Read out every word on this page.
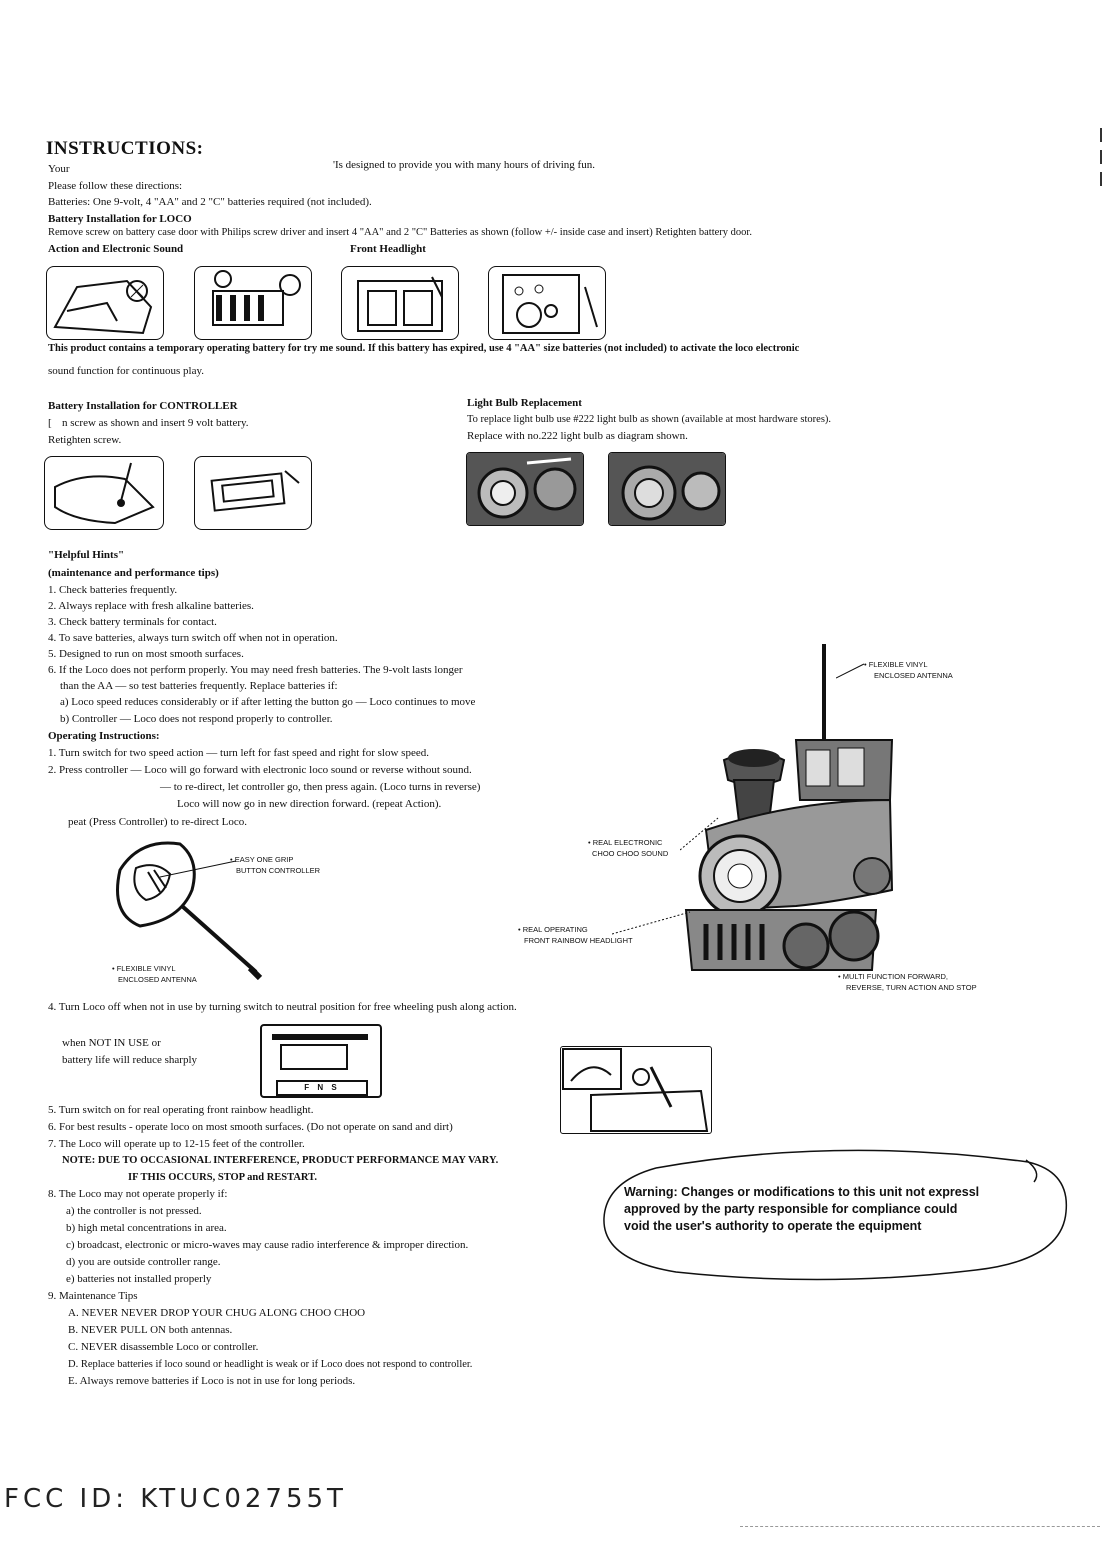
INSTRUCTIONS:
Your	'Is designed to provide you with many hours of driving fun.
Please follow these directions:
Batteries: One 9-volt, 4 "AA" and 2 "C" batteries required (not included).
Battery Installation for LOCO
Remove screw on battery case door with Philips screw driver and insert 4 "AA" and 2 "C" Batteries as shown (follow +/- inside case and insert) Retighten battery door.
Action and Electronic Sound	Front Headlight
This product contains a temporary operating battery for try me sound. If this battery has expired, use 4 "AA" size batteries (not included) to activate the loco electronic
sound function for continuous play.
Battery Installation for CONTROLLER
[ n screw as shown and insert 9 volt battery.
Retighten screw.
Light Bulb Replacement
To replace light bulb use #222 light bulb as shown (available at most hardware stores).
Replace with no.222 light bulb as diagram shown.
"Helpful Hints"
(maintenance and performance tips)
1. Check batteries frequently.
2. Always replace with fresh alkaline batteries.
3. Check battery terminals for contact.
4. To save batteries, always turn switch off when not in operation.
5. Designed to run on most smooth surfaces.
6. If the Loco does not perform properly. You may need fresh batteries. The 9-volt lasts longer
than the AA — so test batteries frequently. Replace batteries if:
a) Loco speed reduces considerably or if after letting the button go — Loco continues to move
b) Controller — Loco does not respond properly to controller.
Operating Instructions:
1. Turn switch for two speed action — turn left for fast speed and right for slow speed.
2. Press controller — Loco will go forward with electronic loco sound or reverse without sound.
— to re-direct, let controller go, then press again. (Loco turns in reverse)
Loco will now go in new direction forward. (repeat Action).
peat (Press Controller) to re-direct Loco.
• EASY ONE GRIP
BUTTON CONTROLLER
• FLEXIBLE VINYL
ENCLOSED ANTENNA
• FLEXIBLE VINYL
ENCLOSED ANTENNA
• REAL ELECTRONIC
CHOO CHOO SOUND
• REAL OPERATING
FRONT RAINBOW HEADLIGHT
• MULTI FUNCTION FORWARD,
REVERSE, TURN ACTION AND STOP
4. Turn Loco off when not in use by turning switch to neutral position for free wheeling push along action.
when NOT IN USE or
battery life will reduce sharply
F N S
5. Turn switch on for real operating front rainbow headlight.
6. For best results - operate loco on most smooth surfaces. (Do not operate on sand and dirt)
7. The Loco will operate up to 12-15 feet of the controller.
NOTE: DUE TO OCCASIONAL INTERFERENCE, PRODUCT PERFORMANCE MAY VARY.
IF THIS OCCURS, STOP and RESTART.
8. The Loco may not operate properly if:
a) the controller is not pressed.
b) high metal concentrations in area.
c) broadcast, electronic or micro-waves may cause radio interference & improper direction.
d) you are outside controller range.
e) batteries not installed properly
9. Maintenance Tips
A. NEVER NEVER DROP YOUR CHUG ALONG CHOO CHOO
B. NEVER PULL ON both antennas.
C. NEVER disassemble Loco or controller.
D. Replace batteries if loco sound or headlight is weak or if Loco does not respond to controller.
E. Always remove batteries if Loco is not in use for long periods.
Warning: Changes or modifications to this unit not expressl
approved by the party responsible for compliance could
void the user's authority to operate the equipment
FCC ID: KTUC02755T
